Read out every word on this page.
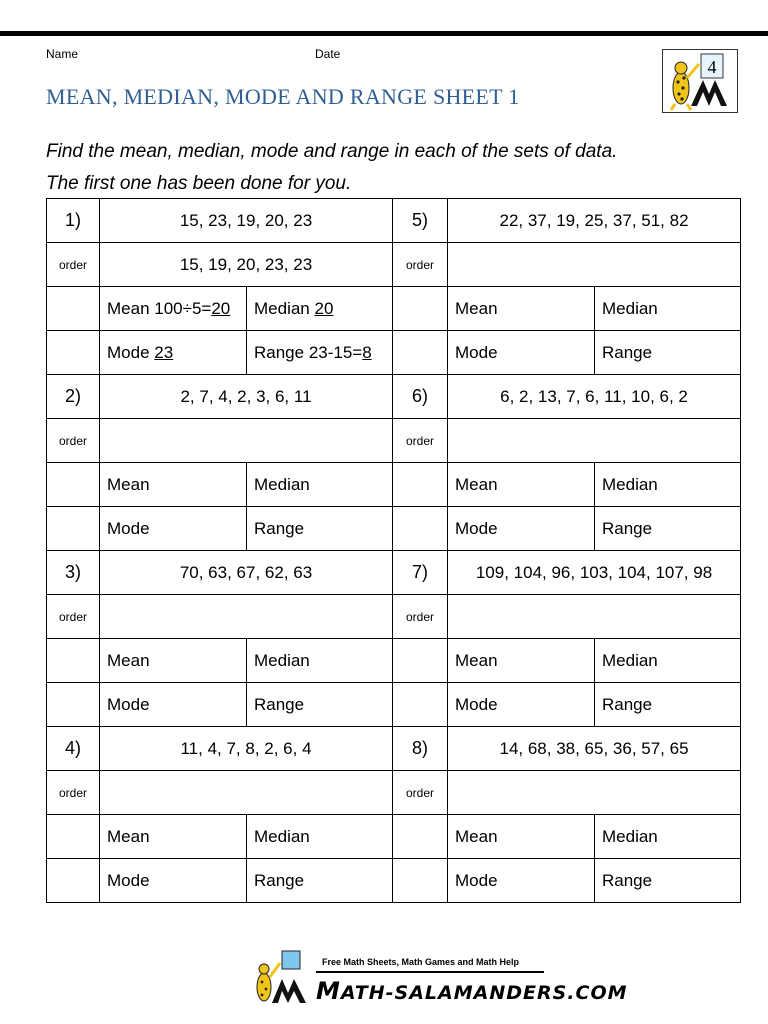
Name	Date
MEAN, MEDIAN, MODE AND RANGE SHEET 1
Find the mean, median, mode and range in each of the sets of data.
The first one has been done for you.
4
1)	15, 23, 19, 20, 23		5)	22, 37, 19, 25, 37, 51, 82	
order	15, 19, 20, 23, 23		order		
	Mean 100÷5=20	Median 20		Mean	Median
	Mode 23	Range 23-15=8		Mode	Range
2)	2, 7, 4, 2, 3, 6, 11		6)	6, 2, 13, 7, 6, 11, 10, 6, 2	
order			order		
	Mean	Median		Mean	Median
	Mode	Range		Mode	Range
3)	70, 63, 67, 62, 63		7)	109, 104, 96, 103, 104, 107, 98	
order			order		
	Mean	Median		Mean	Median
	Mode	Range		Mode	Range
4)	11, 4, 7, 8, 2, 6, 4		8)	14, 68, 38, 65, 36, 57, 65	
order			order		
	Mean	Median		Mean	Median
	Mode	Range		Mode	Range
Free Math Sheets, Math Games and Math Help
MATH-SALAMANDERS.COM
